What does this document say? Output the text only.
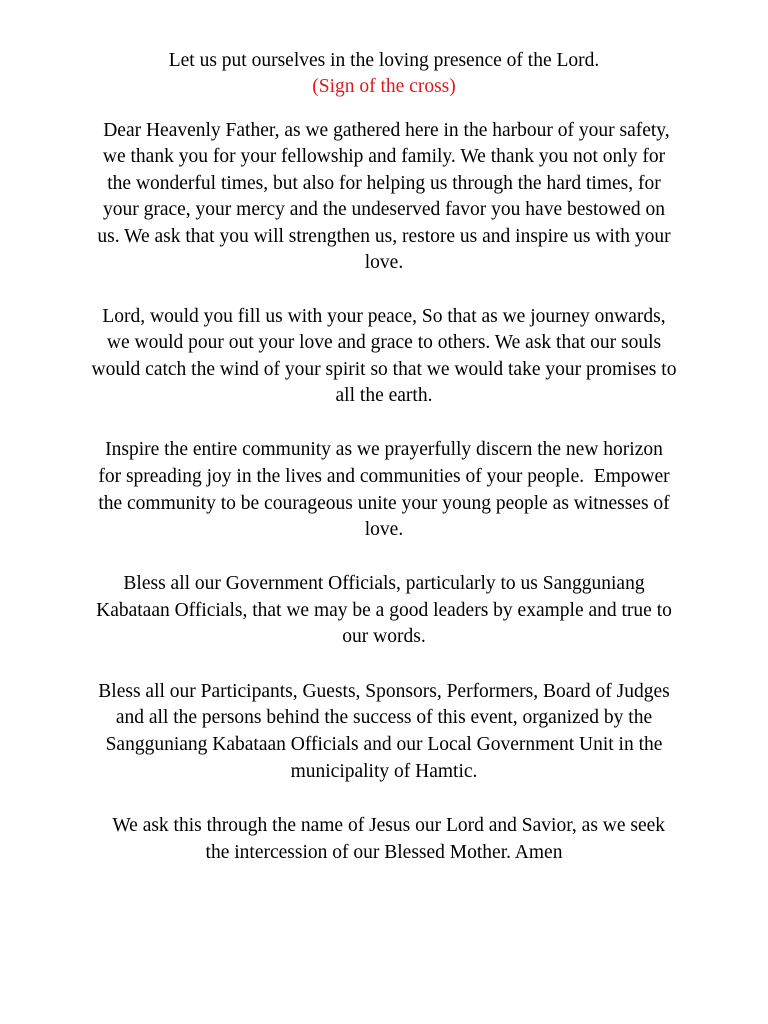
Let us put ourselves in the loving presence of the Lord.
(Sign of the cross)
Dear Heavenly Father, as we gathered here in the harbour of your safety,
we thank you for your fellowship and family. We thank you not only for
the wonderful times, but also for helping us through the hard times, for
your grace, your mercy and the undeserved favor you have bestowed on
us. We ask that you will strengthen us, restore us and inspire us with your
love.
Lord, would you fill us with your peace, So that as we journey onwards,
we would pour out your love and grace to others. We ask that our souls
would catch the wind of your spirit so that we would take your promises to
all the earth.
Inspire the entire community as we prayerfully discern the new horizon
for spreading joy in the lives and communities of your people.  Empower
the community to be courageous unite your young people as witnesses of
love.
Bless all our Government Officials, particularly to us Sangguniang
Kabataan Officials, that we may be a good leaders by example and true to
our words.
Bless all our Participants, Guests, Sponsors, Performers, Board of Judges
and all the persons behind the success of this event, organized by the
Sangguniang Kabataan Officials and our Local Government Unit in the
municipality of Hamtic.
We ask this through the name of Jesus our Lord and Savior, as we seek
the intercession of our Blessed Mother. Amen
